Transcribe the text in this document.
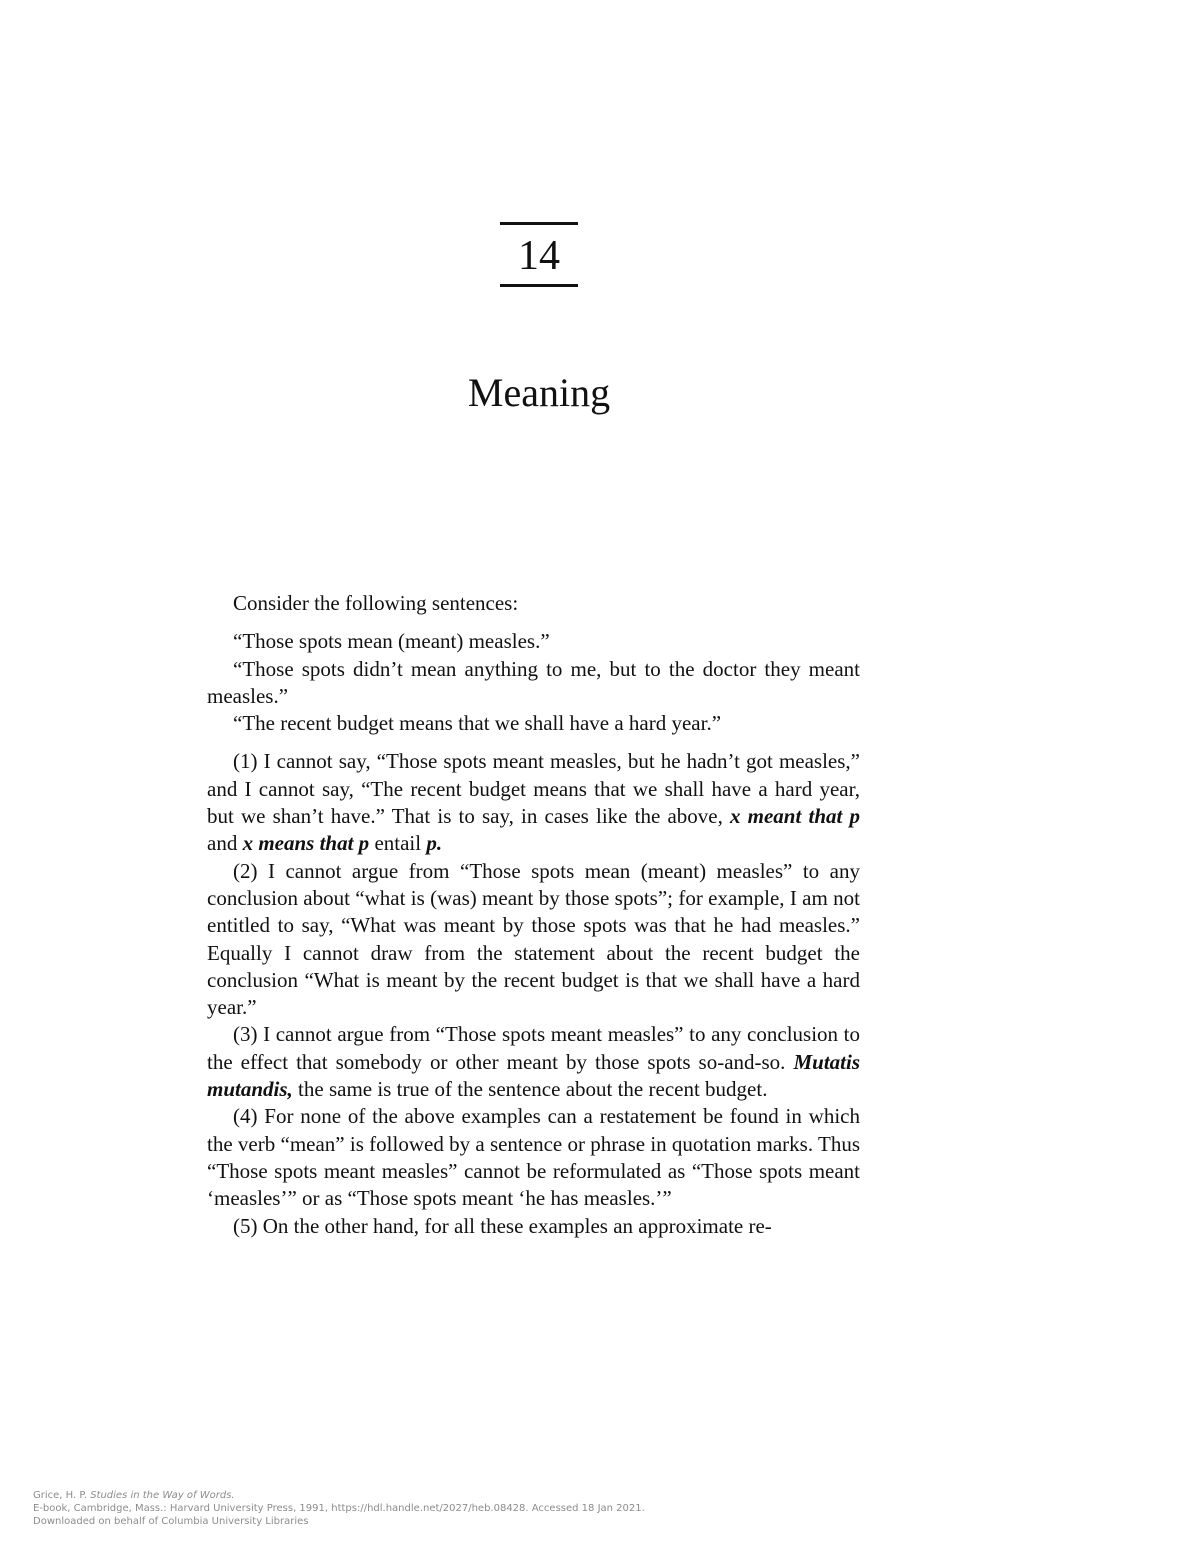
14
Meaning

Consider the following sentences:

“Those spots mean (meant) measles.”

“Those spots didn’t mean anything to me, but to the doctor they meant measles.”

“The recent budget means that we shall have a hard year.”

(1) I cannot say, “Those spots meant measles, but he hadn’t got measles,” and I cannot say, “The recent budget means that we shall have a hard year, but we shan’t have.” That is to say, in cases like the above, x meant that p and x means that p entail p.

(2) I cannot argue from “Those spots mean (meant) measles” to any conclusion about “what is (was) meant by those spots”; for example, I am not entitled to say, “What was meant by those spots was that he had measles.” Equally I cannot draw from the statement about the recent budget the conclusion “What is meant by the recent budget is that we shall have a hard year.”

(3) I cannot argue from “Those spots meant measles” to any conclusion to the effect that somebody or other meant by those spots so-and-so. Mutatis mutandis, the same is true of the sentence about the recent budget.

(4) For none of the above examples can a restatement be found in which the verb “mean” is followed by a sentence or phrase in quotation marks. Thus “Those spots meant measles” cannot be reformulated as “Those spots meant ‘measles’” or as “Those spots meant ‘he has measles.’”

(5) On the other hand, for all these examples an approximate re-

Grice, H. P. Studies in the Way of Words.
E-book, Cambridge, Mass.: Harvard University Press, 1991, https://hdl.handle.net/2027/heb.08428. Accessed 18 Jan 2021.
Downloaded on behalf of Columbia University Libraries
